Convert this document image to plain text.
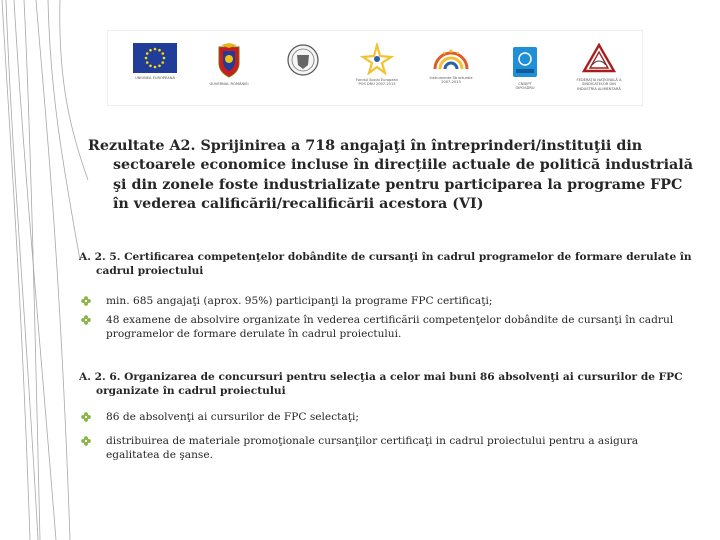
UNIUNEA EUROPEANĂ
GUVERNUL ROMÂNIEI
Fondul Social European
POS DRU 2007-2013
Instrumente Structurale
2007-2013	CNDIPT
OIPOSDRU
FEDERAŢIA NAŢIONALĂ A
SINDICATELOR DIN
INDUSTRIA ALIMENTARĂ
Rezultate A2. Sprijinirea a 718 angajaţi în întreprinderi/instituţii din sectoarele economice incluse în direcțiile actuale de politică industrială şi din zonele foste industrializate pentru participarea la programe FPC în vederea calificării/recalificării acestora (VI)
A. 2. 5. Certificarea competenţelor dobândite de cursanţi în cadrul programelor de formare derulate în cadrul proiectului
min. 685 angajaţi (aprox. 95%) participanţi la programe FPC certificaţi;
48 examene de absolvire organizate în vederea certificării competenţelor dobândite de cursanţi în cadrul programelor de formare derulate în cadrul proiectului.
A. 2. 6. Organizarea de concursuri pentru selecţia a celor mai buni 86 absolvenţi ai cursurilor de FPC organizate în cadrul proiectului
86 de absolvenţi ai cursurilor de FPC selectaţi;
distribuirea de materiale promoţionale cursanţilor certificaţi in cadrul proiectului pentru a asigura egalitatea de şanse.
